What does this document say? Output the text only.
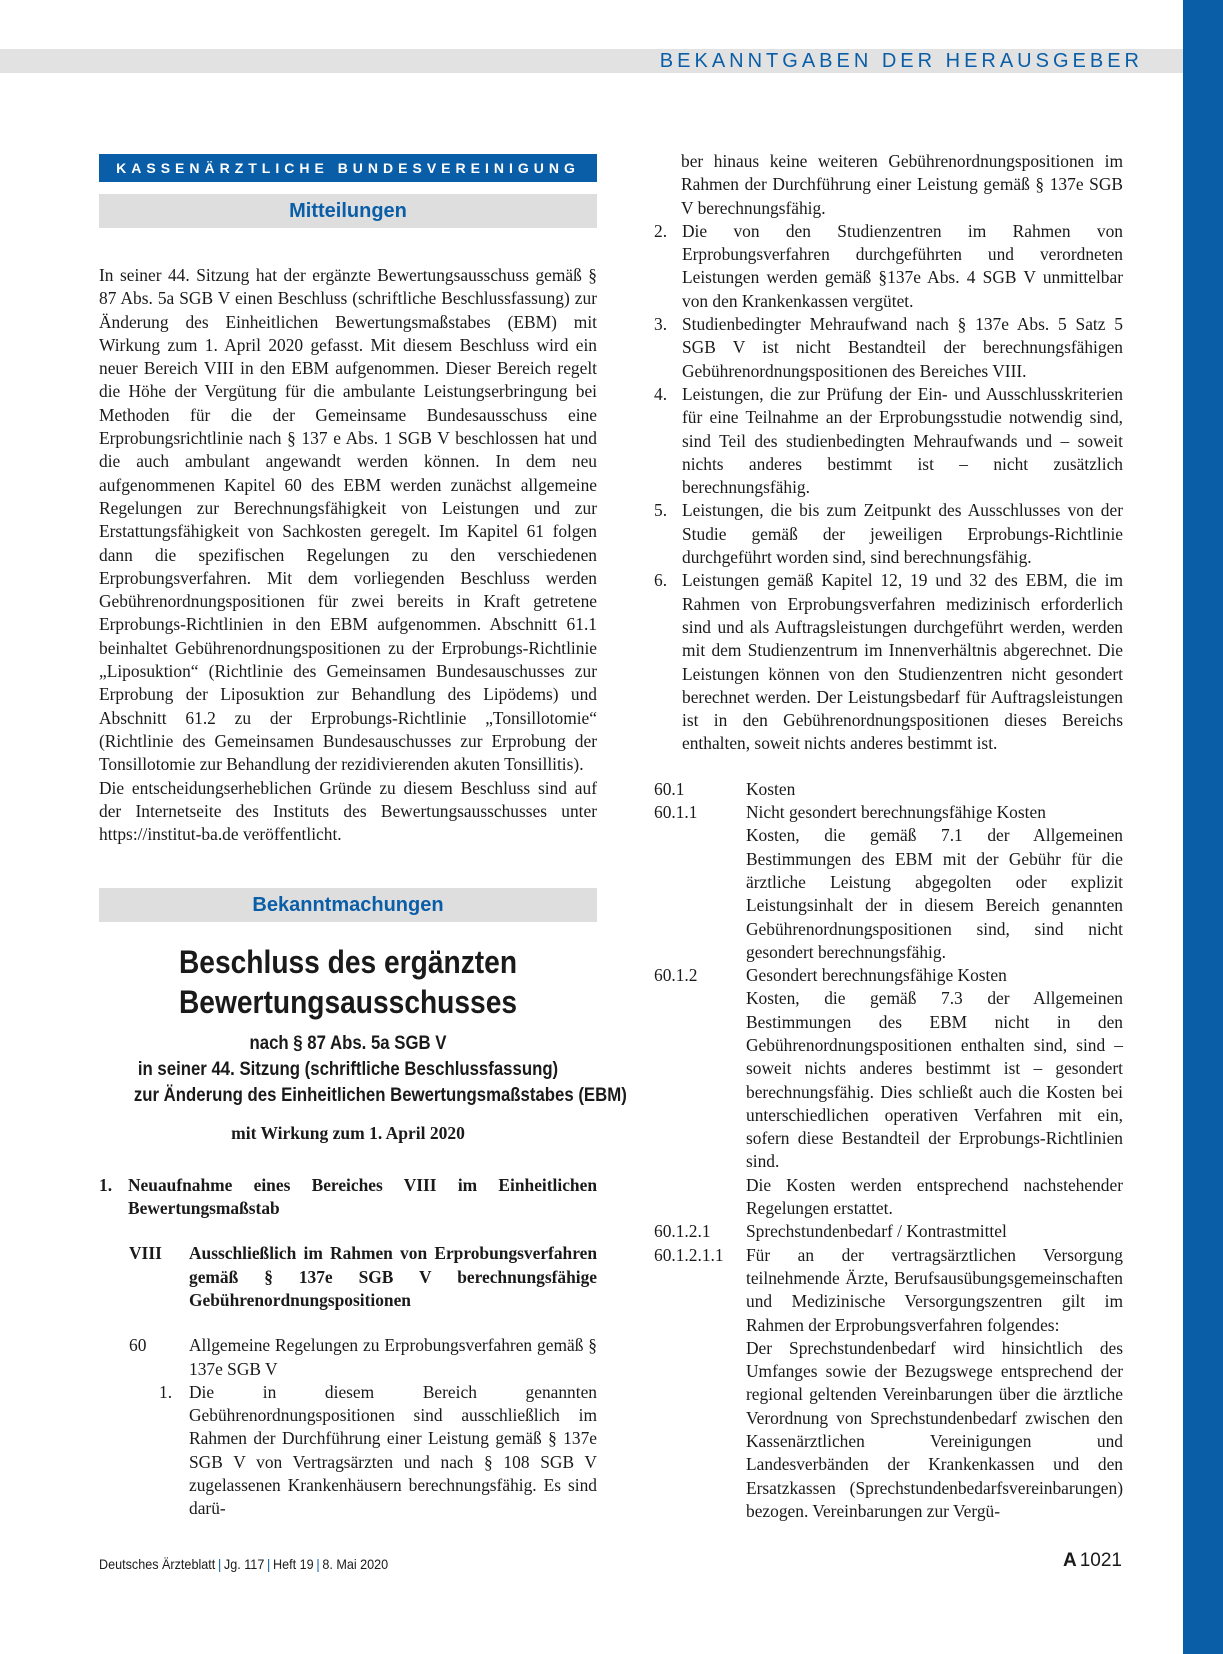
BEKANNTGABEN DER HERAUSGEBER
KASSENÄRZTLICHE BUNDESVEREINIGUNG
Mitteilungen

In seiner 44. Sitzung hat der ergänzte Bewertungsausschuss gemäß § 87 Abs. 5a SGB V einen Beschluss (schriftliche Beschlussfassung) zur Änderung des Einheitlichen Bewertungsmaßstabes (EBM) mit Wirkung zum 1. April 2020 gefasst. Mit diesem Beschluss wird ein neuer Bereich VIII in den EBM aufgenommen. Dieser Bereich regelt die Höhe der Vergütung für die ambulante Leistungserbringung bei Methoden für die der Gemeinsame Bundesausschuss eine Erprobungsrichtlinie nach § 137 e Abs. 1 SGB V beschlossen hat und die auch ambulant angewandt werden können. In dem neu aufgenommenen Kapitel 60 des EBM werden zunächst allgemeine Regelungen zur Berechnungsfähigkeit von Leistungen und zur Erstattungsfähigkeit von Sachkosten geregelt. Im Kapitel 61 folgen dann die spezifischen Regelungen zu den verschiedenen Erprobungsverfahren. Mit dem vorliegenden Beschluss werden Gebührenordnungspositionen für zwei bereits in Kraft getretene Erprobungs-Richtlinien in den EBM aufgenommen. Abschnitt 61.1 beinhaltet Gebührenordnungspositionen zu der Erprobungs-Richtlinie „Liposuktion“ (Richtlinie des Gemeinsamen Bundesauschusses zur Erprobung der Liposuktion zur Behandlung des Lipödems) und Abschnitt 61.2 zu der Erprobungs-Richtlinie „Tonsillotomie“ (Richtlinie des Gemeinsamen Bundesauschusses zur Erprobung der Tonsillotomie zur Behandlung der rezidivierenden akuten Tonsillitis).

Die entscheidungserheblichen Gründe zu diesem Beschluss sind auf der Internetseite des Instituts des Bewertungsausschusses unter https://institut-ba.de veröffentlicht.

Bekanntmachungen
Beschluss des ergänzten
Bewertungsausschusses
nach § 87 Abs. 5a SGB V
in seiner 44. Sitzung (schriftliche Beschlussfassung)
zur Änderung des Einheitlichen Bewertungsmaßstabes (EBM)
mit Wirkung zum 1. April 2020
1. Neuaufnahme eines Bereiches VIII im Einheitlichen Bewertungsmaßstab
VIII	Ausschließlich im Rahmen von Erprobungsverfahren gemäß § 137e SGB V berechnungsfähige Gebührenordnungspositionen
60	Allgemeine Regelungen zu Erprobungsverfahren gemäß § 137e SGB V
1. Die in diesem Bereich genannten Gebührenordnungspositionen sind ausschließlich im Rahmen der Durchführung einer Leistung gemäß § 137e SGB V von Vertragsärzten und nach § 108 SGB V zugelassenen Krankenhäusern berechnungsfähig. Es sind darü-
ber hinaus keine weiteren Gebührenordnungspositionen im Rahmen der Durchführung einer Leistung gemäß § 137e SGB V berechnungsfähig.
2. Die von den Studienzentren im Rahmen von Erprobungsverfahren durchgeführten und verordneten Leistungen werden gemäß §137e Abs. 4 SGB V unmittelbar von den Krankenkassen vergütet.
3. Studienbedingter Mehraufwand nach § 137e Abs. 5 Satz 5 SGB V ist nicht Bestandteil der berechnungsfähigen Gebührenordnungspositionen des Bereiches VIII.
4. Leistungen, die zur Prüfung der Ein- und Ausschlusskriterien für eine Teilnahme an der Erprobungsstudie notwendig sind, sind Teil des studienbedingten Mehraufwands und – soweit nichts anderes bestimmt ist – nicht zusätzlich berechnungsfähig.
5. Leistungen, die bis zum Zeitpunkt des Ausschlusses von der Studie gemäß der jeweiligen Erprobungs-Richtlinie durchgeführt worden sind, sind berechnungsfähig.
6. Leistungen gemäß Kapitel 12, 19 und 32 des EBM, die im Rahmen von Erprobungsverfahren medizinisch erforderlich sind und als Auftragsleistungen durchgeführt werden, werden mit dem Studienzentrum im Innenverhältnis abgerechnet. Die Leistungen können von den Studienzentren nicht gesondert berechnet werden. Der Leistungsbedarf für Auftragsleistungen ist in den Gebührenordnungspositionen dieses Bereichs enthalten, soweit nichts anderes bestimmt ist.
60.1	Kosten
60.1.1	Nicht gesondert berechnungsfähige Kosten

Kosten, die gemäß 7.1 der Allgemeinen Bestimmungen des EBM mit der Gebühr für die ärztliche Leistung abgegolten oder explizit Leistungsinhalt der in diesem Bereich genannten Gebührenordnungspositionen sind, sind nicht gesondert berechnungsfähig.

60.1.2	Gesondert berechnungsfähige Kosten

Kosten, die gemäß 7.3 der Allgemeinen Bestimmungen des EBM nicht in den Gebührenordnungspositionen enthalten sind, sind – soweit nichts anderes bestimmt ist – gesondert berechnungsfähig. Dies schließt auch die Kosten bei unterschiedlichen operativen Verfahren mit ein, sofern diese Bestandteil der Erprobungs-Richtlinien sind.

Die Kosten werden entsprechend nachstehender Regelungen erstattet.

60.1.2.1	Sprechstundenbedarf / Kontrastmittel
60.1.2.1.1	Für an der vertragsärztlichen Versorgung teilnehmende Ärzte, Berufsausübungsgemeinschaften und Medizinische Versorgungszentren gilt im Rahmen der Erprobungsverfahren folgendes:

Der Sprechstundenbedarf wird hinsichtlich des Umfanges sowie der Bezugswege entsprechend der regional geltenden Vereinbarungen über die ärztliche Verordnung von Sprechstundenbedarf zwischen den Kassenärztlichen Vereinigungen und Landesverbänden der Krankenkassen und den Ersatzkassen (Sprechstundenbedarfsvereinbarungen) bezogen. Vereinbarungen zur Vergü-

Deutsches Ärzteblatt | Jg. 117 | Heft 19 | 8. Mai 2020	A 1021
